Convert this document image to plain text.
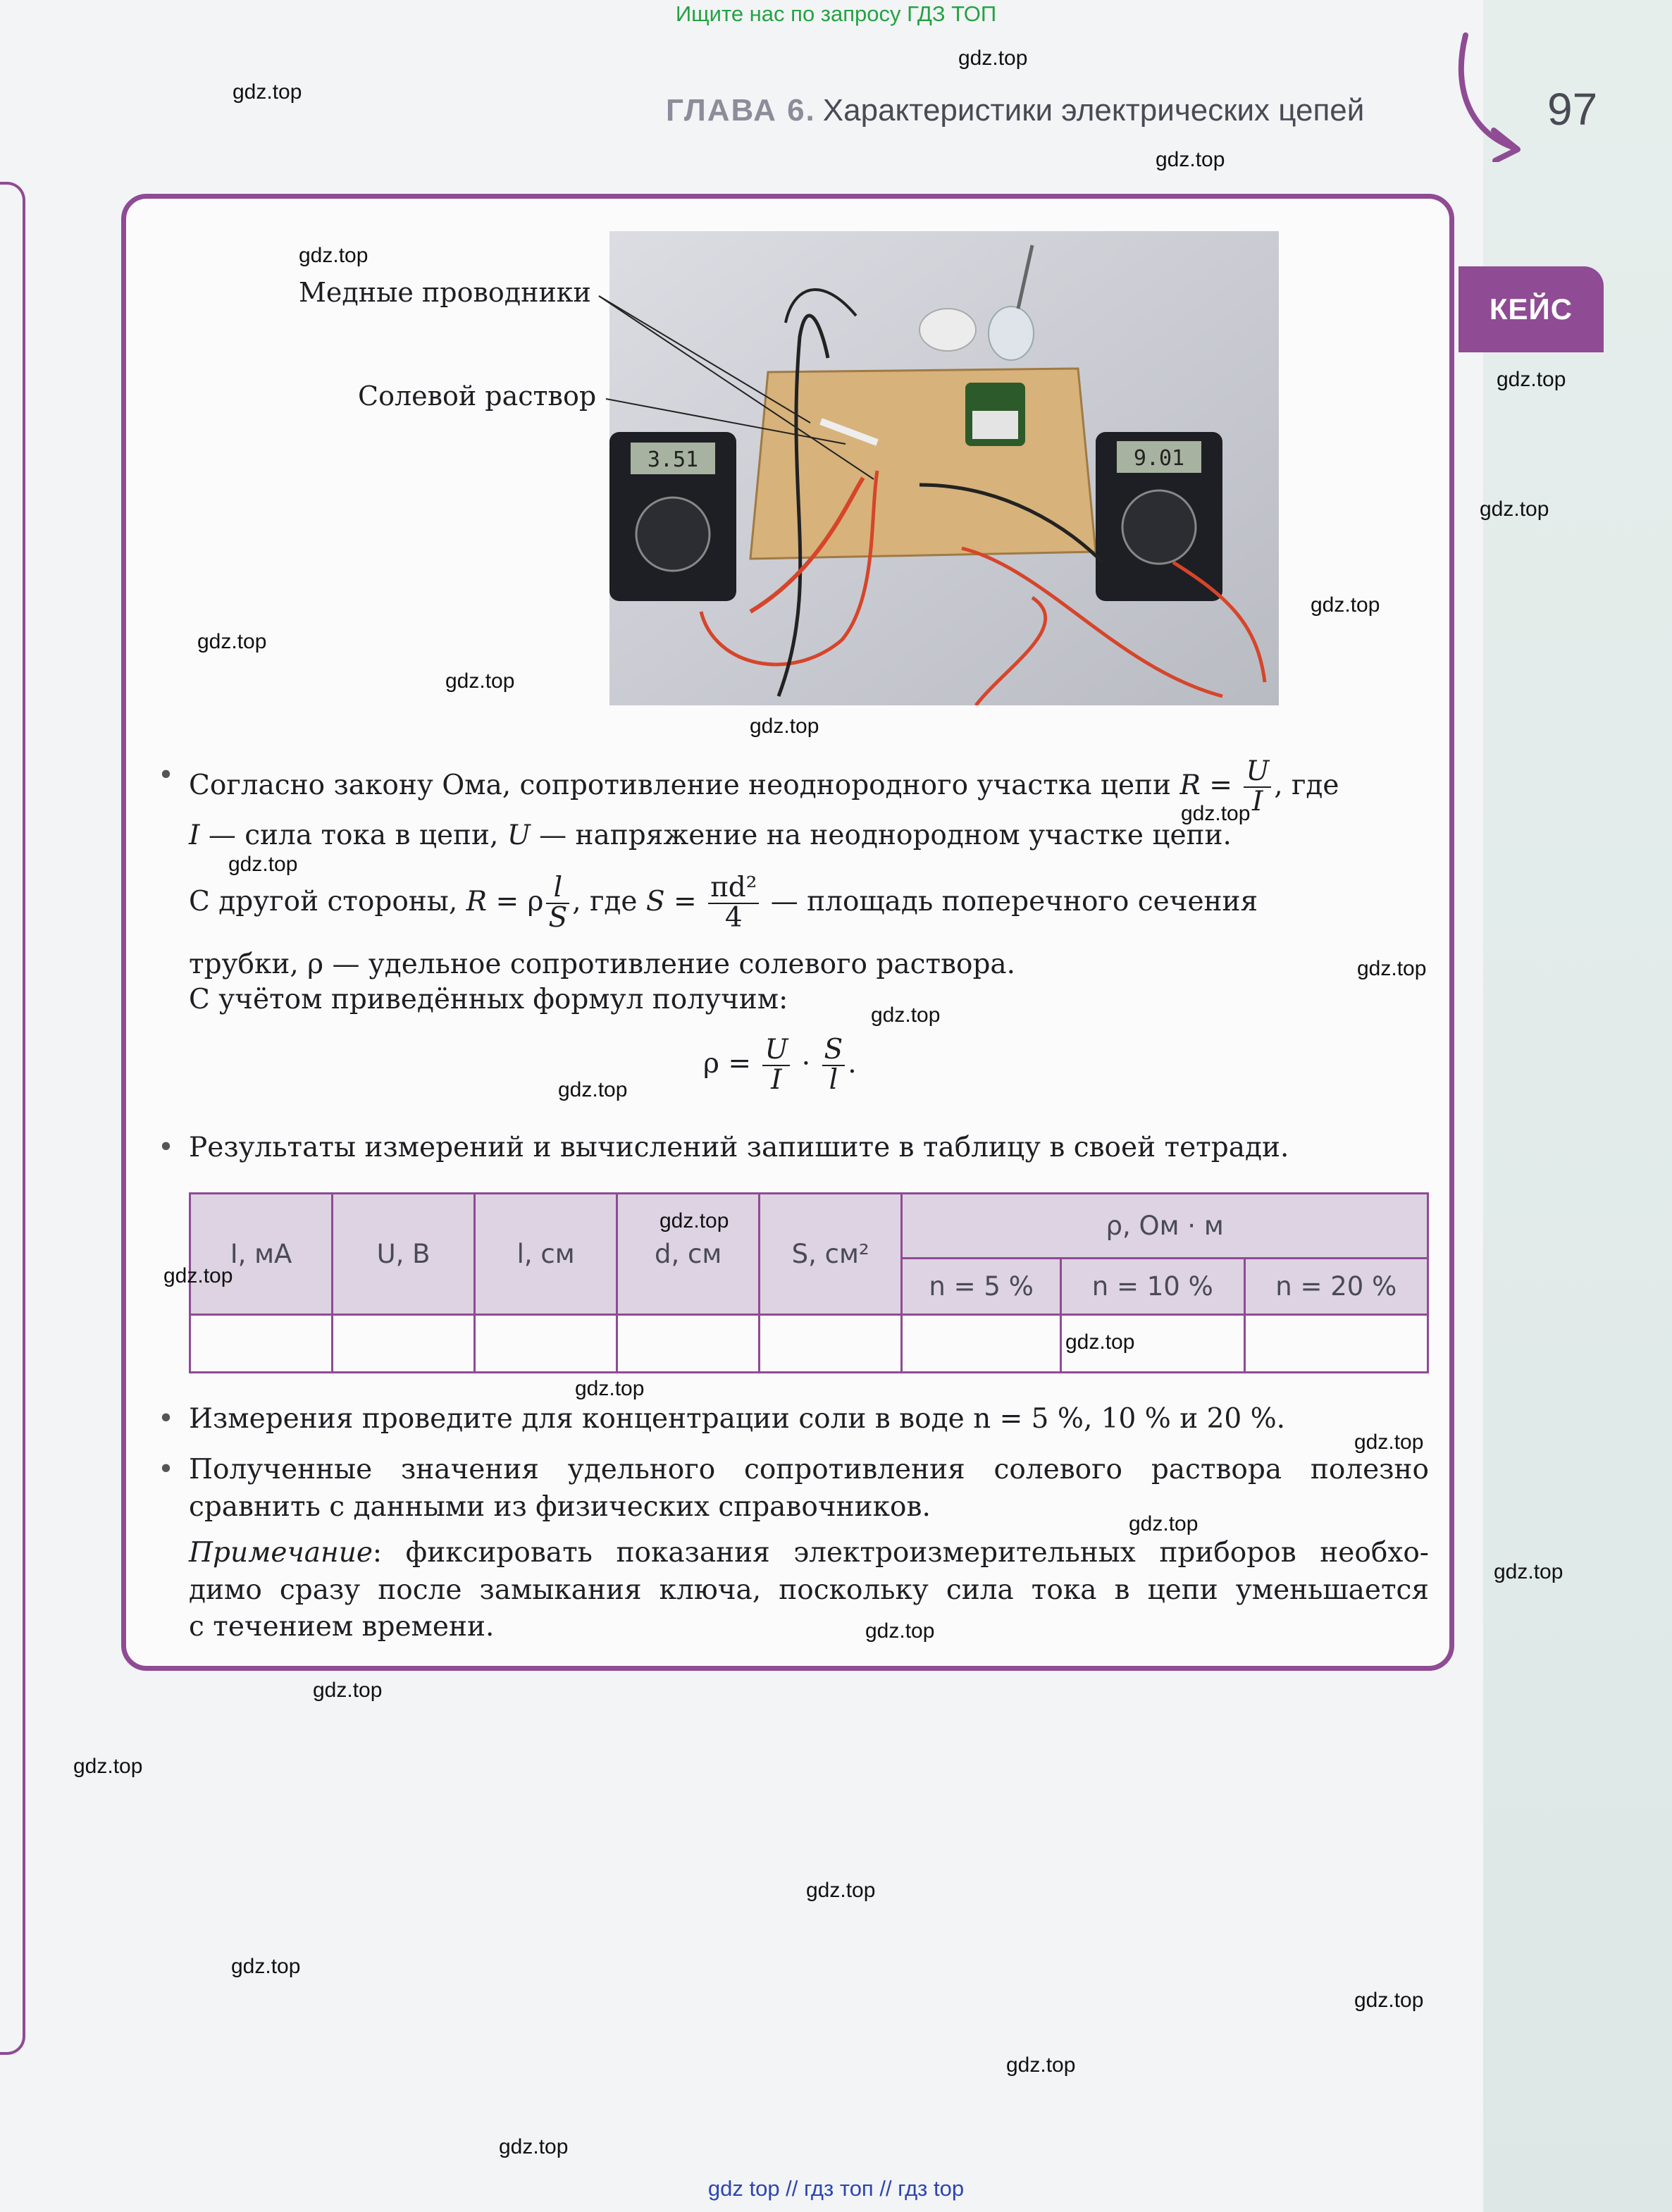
Ищите нас по запросу ГДЗ ТОП
ГЛАВА 6. Характеристики электрических цепей	97
КЕЙС
3.51	9.01
Медные проводники
Солевой раствор
• Согласно закону Ома, сопротивление неоднородного участка цепи $R = \frac{U}{I}$ , где
I — сила тока в цепи, U — напряжение на неоднородном участке цепи.
С другой стороны, R = ρ $\frac{l}{S}$ , где $S = \frac{\text{πd²}}{4}$ — площадь поперечного сечения
трубки, ρ — удельное сопротивление солевого раствора.
С учётом приведённых формул получим:
$\rho = \frac{U}{I} \cdot \frac{S}{l}$ .
• Результаты измерений и вычислений запишите в таблицу в своей тетради.
I, мА	U, В	l, см	d, см	S, см²	ρ, Ом · м		
					n = 5 %	n = 10 %	n = 20 %

• Измерения проведите для концентрации соли в воде n = 5 %, 10 % и 20 %.
• Полученные значения удельного сопротивления солевого раствора полезно
сравнить с данными из физических справочников.
Примечание: фиксировать показания электроизмерительных приборов необхо-
димо сразу после замыкания ключа, поскольку сила тока в цепи уменьшается
с течением времени.
gdz.top
gdz.top
gdz.top
gdz.top
gdz.top
gdz.top
gdz.top
gdz.top
gdz.top
gdz.top
gdz.top
gdz.top
gdz.top
gdz.top
gdz.top
gdz.top
gdz.top
gdz.top
gdz.top
gdz.top
gdz.top
gdz.top
gdz.top
gdz.top
gdz.top
gdz.top
gdz.top
gdz.top
gdz.top
gdz.top
gdz top // гдз топ // гдз top
